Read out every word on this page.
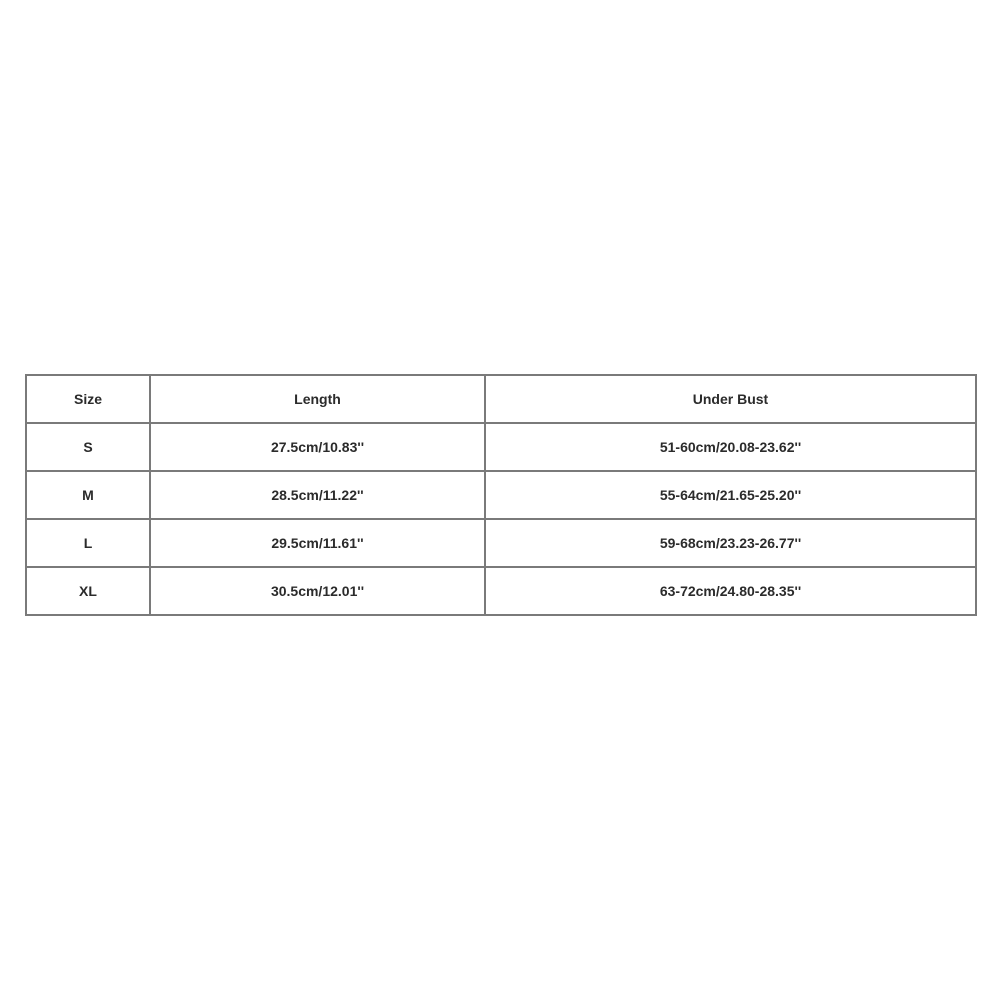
Size	Length	Under Bust
S	27.5cm/10.83''	51-60cm/20.08-23.62''
M	28.5cm/11.22''	55-64cm/21.65-25.20''
L	29.5cm/11.61''	59-68cm/23.23-26.77''
XL	30.5cm/12.01''	63-72cm/24.80-28.35''
